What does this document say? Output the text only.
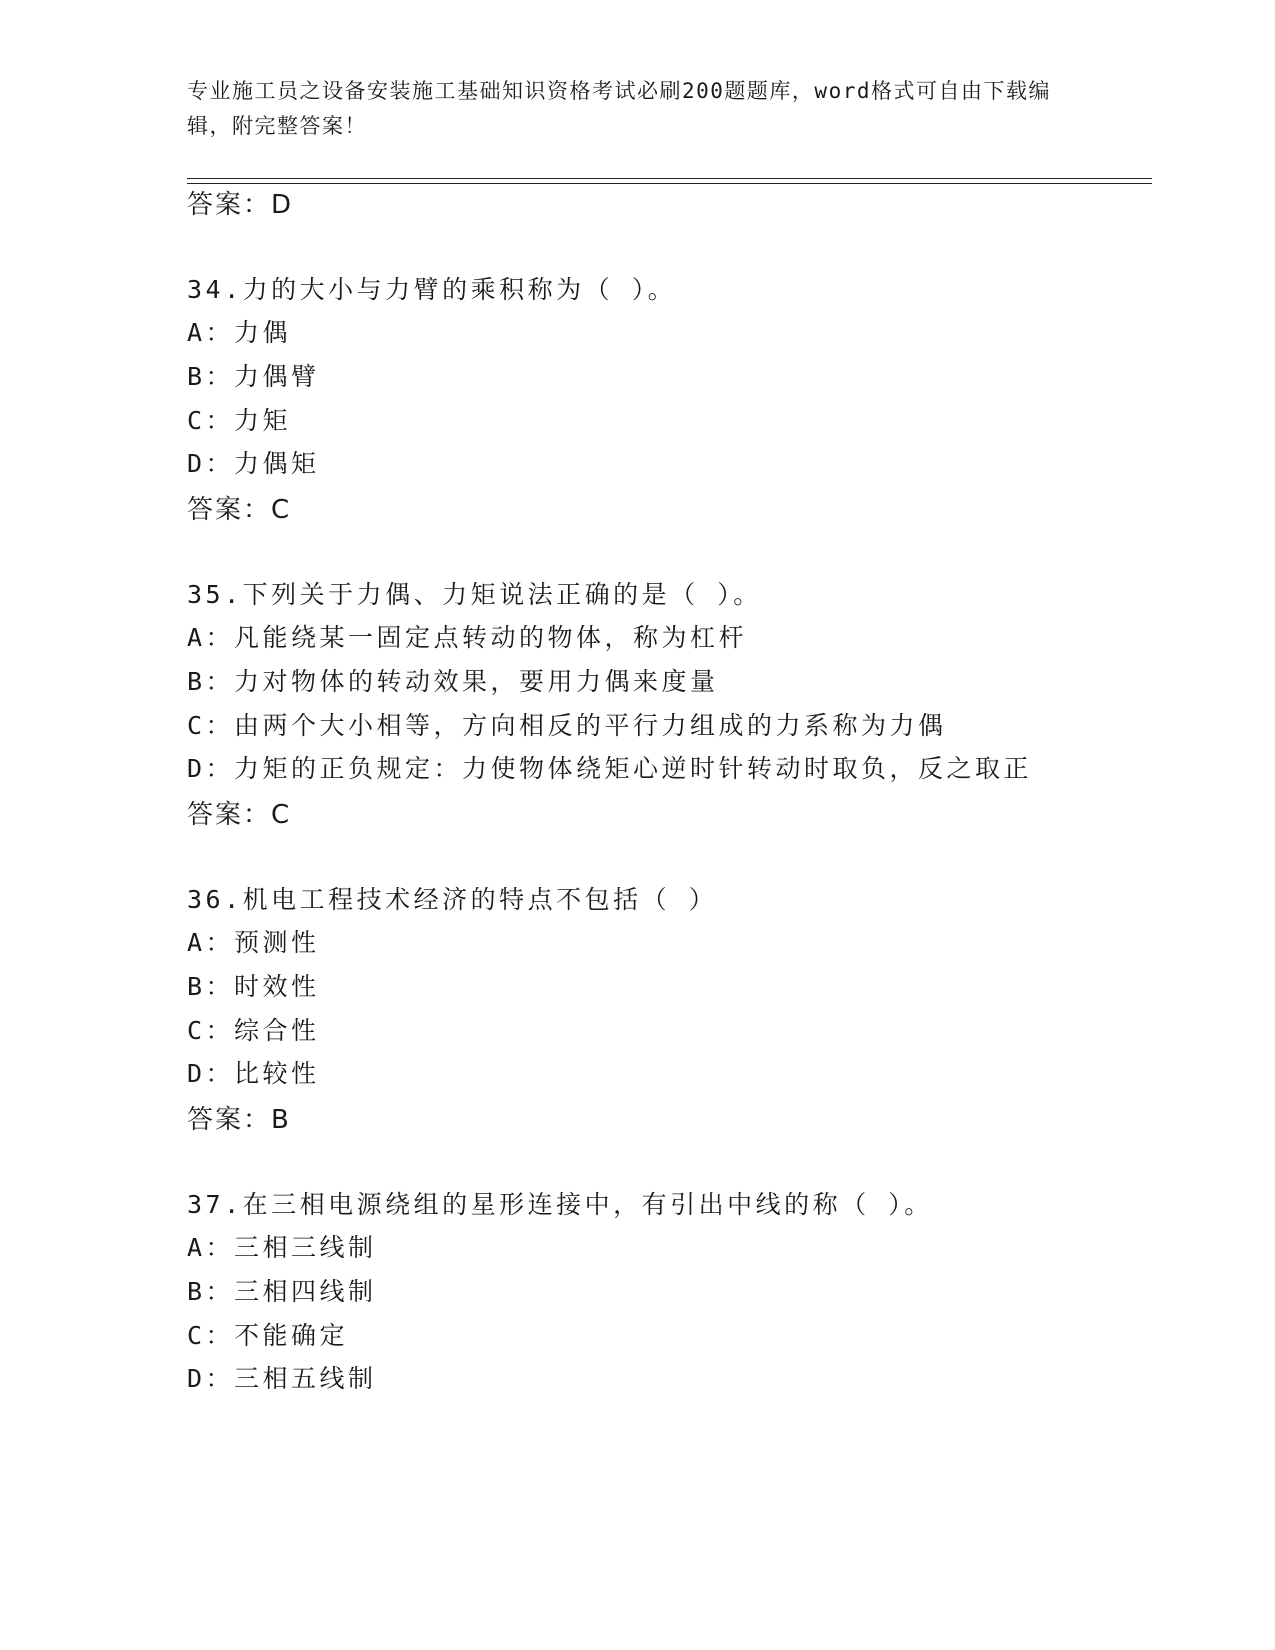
专业施工员之设备安装施工基础知识资格考试必刷200题题库，word格式可自由下载编辑，附完整答案！
答案：D
34.力的大小与力臂的乘积称为（ ）。
A：力偶
B：力偶臂
C：力矩
D：力偶矩
答案：C
35.下列关于力偶、力矩说法正确的是（ ）。
A：凡能绕某一固定点转动的物体，称为杠杆
B：力对物体的转动效果，要用力偶来度量
C：由两个大小相等，方向相反的平行力组成的力系称为力偶
D：力矩的正负规定：力使物体绕矩心逆时针转动时取负，反之取正
答案：C
36.机电工程技术经济的特点不包括（ ）
A：预测性
B：时效性
C：综合性
D：比较性
答案：B
37.在三相电源绕组的星形连接中，有引出中线的称（ ）。
A：三相三线制
B：三相四线制
C：不能确定
D：三相五线制
